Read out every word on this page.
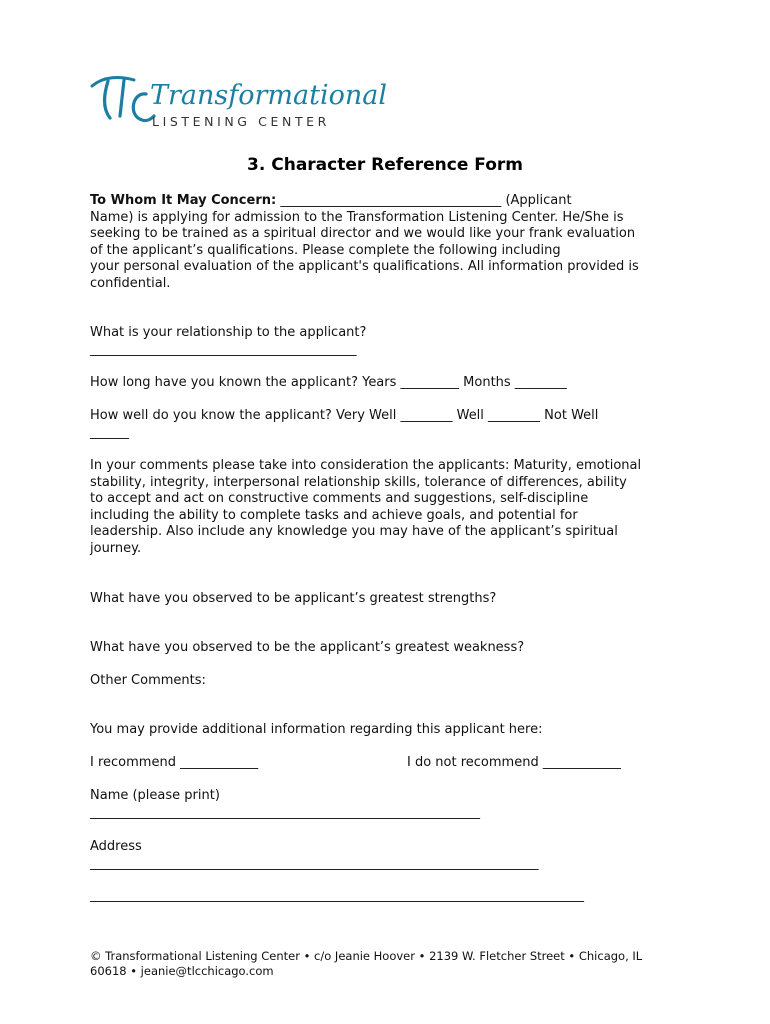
Transformational
LISTENING CENTER
3. Character Reference Form
To Whom It May Concern: __________________________________ (Applicant
Name) is applying for admission to the Transformation Listening Center. He/She is
seeking to be trained as a spiritual director and we would like your frank evaluation
of the applicant’s qualifications. Please complete the following including
your personal evaluation of the applicant's qualifications. All information provided is
confidential.
What is your relationship to the applicant?
_________________________________________
How long have you known the applicant? Years _________ Months ________
How well do you know the applicant? Very Well ________ Well ________ Not Well
______
In your comments please take into consideration the applicants: Maturity, emotional
stability, integrity, interpersonal relationship skills, tolerance of differences, ability
to accept and act on constructive comments and suggestions, self-discipline
including the ability to complete tasks and achieve goals, and potential for
leadership. Also include any knowledge you may have of the applicant’s spiritual
journey.
What have you observed to be applicant’s greatest strengths?
What have you observed to be the applicant’s greatest weakness?
Other Comments:
You may provide additional information regarding this applicant here:
I recommend ____________	I do not recommend ____________
Name (please print)
____________________________________________________________
Address
_____________________________________________________________________
____________________________________________________________________________
© Transformational Listening Center • c/o Jeanie Hoover • 2139 W. Fletcher Street • Chicago, IL
60618 • jeanie@tlcchicago.com
